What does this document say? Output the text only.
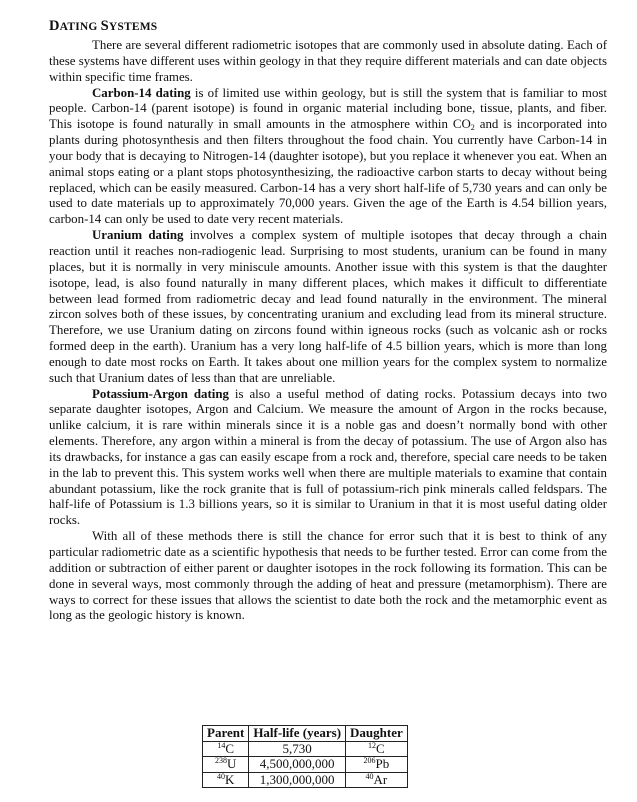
DATING SYSTEMS

There are several different radiometric isotopes that are commonly used in absolute dating. Each of these systems have different uses within geology in that they require different materials and can date objects within specific time frames.

Carbon-14 dating is of limited use within geology, but is still the system that is familiar to most people. Carbon-14 (parent isotope) is found in organic material including bone, tissue, plants, and fiber. This isotope is found naturally in small amounts in the atmosphere within $CO_2$ and is incorporated into plants during photosynthesis and then filters throughout the food chain. You currently have Carbon-14 in your body that is decaying to Nitrogen-14 (daughter isotope), but you replace it whenever you eat. When an animal stops eating or a plant stops photosynthesizing, the radioactive carbon starts to decay without being replaced, which can be easily measured. Carbon-14 has a very short half-life of 5,730 years and can only be used to date materials up to approximately 70,000 years. Given the age of the Earth is 4.54 billion years, carbon-14 can only be used to date very recent materials.

Uranium dating involves a complex system of multiple isotopes that decay through a chain reaction until it reaches non-radiogenic lead. Surprising to most students, uranium can be found in many places, but it is normally in very miniscule amounts. Another issue with this system is that the daughter isotope, lead, is also found naturally in many different places, which makes it difficult to differentiate between lead formed from radiometric decay and lead found naturally in the environment. The mineral zircon solves both of these issues, by concentrating uranium and excluding lead from its mineral structure. Therefore, we use Uranium dating on zircons found within igneous rocks (such as volcanic ash or rocks formed deep in the earth). Uranium has a very long half-life of 4.5 billion years, which is more than long enough to date most rocks on Earth. It takes about one million years for the complex system to normalize such that Uranium dates of less than that are unreliable.

Potassium-Argon dating is also a useful method of dating rocks. Potassium decays into two separate daughter isotopes, Argon and Calcium. We measure the amount of Argon in the rocks because, unlike calcium, it is rare within minerals since it is a noble gas and doesn’t normally bond with other elements. Therefore, any argon within a mineral is from the decay of potassium. The use of Argon also has its drawbacks, for instance a gas can easily escape from a rock and, therefore, special care needs to be taken in the lab to prevent this. This system works well when there are multiple materials to examine that contain abundant potassium, like the rock granite that is full of potassium-rich pink minerals called feldspars. The half-life of Potassium is 1.3 billions years, so it is similar to Uranium in that it is most useful dating older rocks.

With all of these methods there is still the chance for error such that it is best to think of any particular radiometric date as a scientific hypothesis that needs to be further tested. Error can come from the addition or subtraction of either parent or daughter isotopes in the rock following its formation. This can be done in several ways, most commonly through the adding of heat and pressure (metamorphism). There are ways to correct for these issues that allows the scientist to date both the rock and the metamorphic event as long as the geologic history is known.

Parent	Half-life (years)	Daughter
$^{14}$C	5,730	$^{12}$C
$^{238}$U	4,500,000,000	$^{206}$Pb
$^{40}$K	1,300,000,000	$^{40}$Ar
